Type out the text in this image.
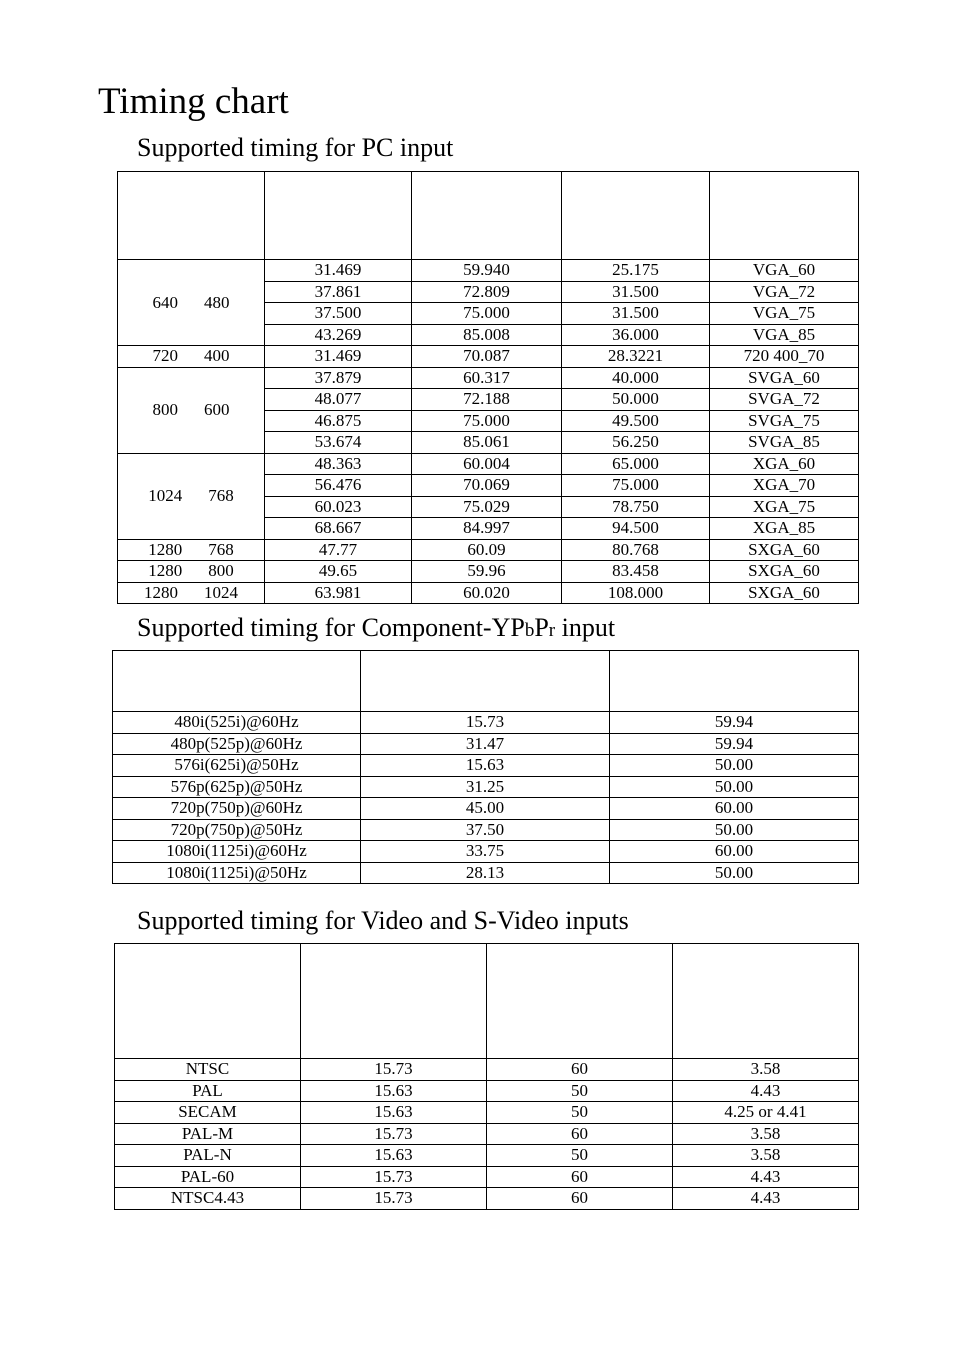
Timing chart
Supported timing for PC input

640 480	31.469	59.940	25.175	VGA_60
	37.861	72.809	31.500	VGA_72
	37.500	75.000	31.500	VGA_75
	43.269	85.008	36.000	VGA_85
720 400	31.469	70.087	28.3221	720 400_70
800 600	37.879	60.317	40.000	SVGA_60
	48.077	72.188	50.000	SVGA_72
	46.875	75.000	49.500	SVGA_75
	53.674	85.061	56.250	SVGA_85
1024 768	48.363	60.004	65.000	XGA_60
	56.476	70.069	75.000	XGA_70
	60.023	75.029	78.750	XGA_75
	68.667	84.997	94.500	XGA_85
1280 768	47.77	60.09	80.768	SXGA_60
1280 800	49.65	59.96	83.458	SXGA_60
1280 1024	63.981	60.020	108.000	SXGA_60
Supported timing for Component-YPbPr input

480i(525i)@60Hz	15.73	59.94
480p(525p)@60Hz	31.47	59.94
576i(625i)@50Hz	15.63	50.00
576p(625p)@50Hz	31.25	50.00
720p(750p)@60Hz	45.00	60.00
720p(750p)@50Hz	37.50	50.00
1080i(1125i)@60Hz	33.75	60.00
1080i(1125i)@50Hz	28.13	50.00
Supported timing for Video and S-Video inputs

NTSC	15.73	60	3.58
PAL	15.63	50	4.43
SECAM	15.63	50	4.25 or 4.41
PAL-M	15.73	60	3.58
PAL-N	15.63	50	3.58
PAL-60	15.73	60	4.43
NTSC4.43	15.73	60	4.43
